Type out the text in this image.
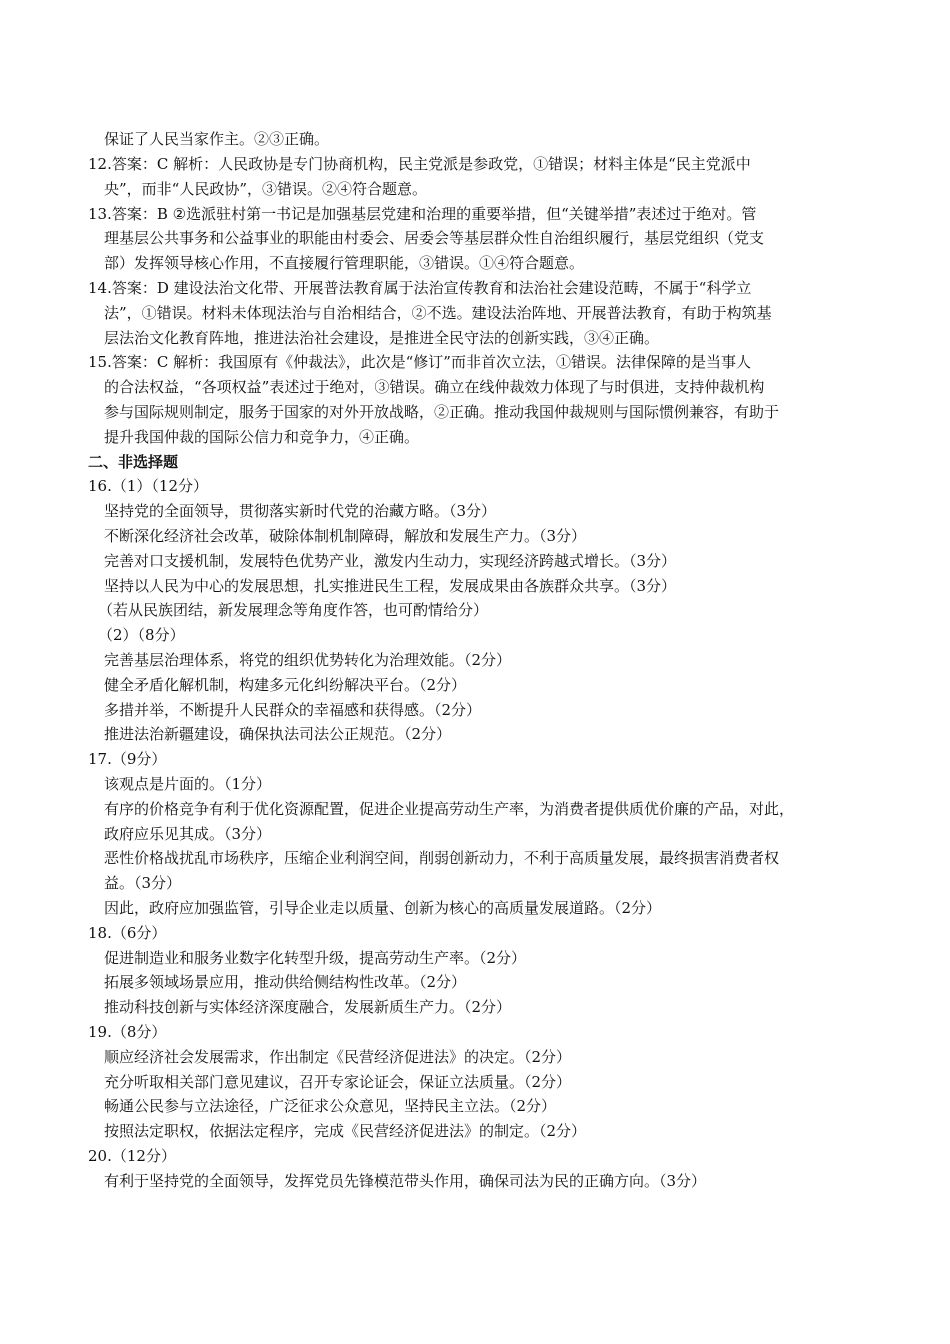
保证了人民当家作主。②③正确。
12.答案：C 解析：人民政协是专门协商机构，民主党派是参政党，①错误；材料主体是“民主党派中
央”，而非“人民政协”，③错误。②④符合题意。
13.答案：B ②选派驻村第一书记是加强基层党建和治理的重要举措，但“关键举措”表述过于绝对。管
理基层公共事务和公益事业的职能由村委会、居委会等基层群众性自治组织履行，基层党组织（党支
部）发挥领导核心作用，不直接履行管理职能，③错误。①④符合题意。
14.答案：D 建设法治文化带、开展普法教育属于法治宣传教育和法治社会建设范畴，不属于“科学立
法”，①错误。材料未体现法治与自治相结合，②不选。建设法治阵地、开展普法教育，有助于构筑基
层法治文化教育阵地，推进法治社会建设，是推进全民守法的创新实践，③④正确。
15.答案：C 解析：我国原有《仲裁法》，此次是“修订”而非首次立法，①错误。法律保障的是当事人
的合法权益，“各项权益”表述过于绝对，③错误。确立在线仲裁效力体现了与时俱进，支持仲裁机构
参与国际规则制定，服务于国家的对外开放战略，②正确。推动我国仲裁规则与国际惯例兼容，有助于
提升我国仲裁的国际公信力和竞争力，④正确。
二、非选择题
16.（1）（12分）
坚持党的全面领导，贯彻落实新时代党的治藏方略。（3分）
不断深化经济社会改革，破除体制机制障碍，解放和发展生产力。（3分）
完善对口支援机制，发展特色优势产业，激发内生动力，实现经济跨越式增长。（3分）
坚持以人民为中心的发展思想，扎实推进民生工程，发展成果由各族群众共享。（3分）
（若从民族团结，新发展理念等角度作答，也可酌情给分）
（2）（8分）
完善基层治理体系，将党的组织优势转化为治理效能。（2分）
健全矛盾化解机制，构建多元化纠纷解决平台。（2分）
多措并举，不断提升人民群众的幸福感和获得感。（2分）
推进法治新疆建设，确保执法司法公正规范。（2分）
17.（9分）
该观点是片面的。（1分）
有序的价格竞争有利于优化资源配置，促进企业提高劳动生产率，为消费者提供质优价廉的产品，对此，
政府应乐见其成。（3分）
恶性价格战扰乱市场秩序，压缩企业利润空间，削弱创新动力，不利于高质量发展，最终损害消费者权
益。（3分）
因此，政府应加强监管，引导企业走以质量、创新为核心的高质量发展道路。（2分）
18.（6分）
促进制造业和服务业数字化转型升级，提高劳动生产率。（2分）
拓展多领域场景应用，推动供给侧结构性改革。（2分）
推动科技创新与实体经济深度融合，发展新质生产力。（2分）
19.（8分）
顺应经济社会发展需求，作出制定《民营经济促进法》的决定。（2分）
充分听取相关部门意见建议，召开专家论证会，保证立法质量。（2分）
畅通公民参与立法途径，广泛征求公众意见，坚持民主立法。（2分）
按照法定职权，依据法定程序，完成《民营经济促进法》的制定。（2分）
20.（12分）
有利于坚持党的全面领导，发挥党员先锋模范带头作用，确保司法为民的正确方向。（3分）
